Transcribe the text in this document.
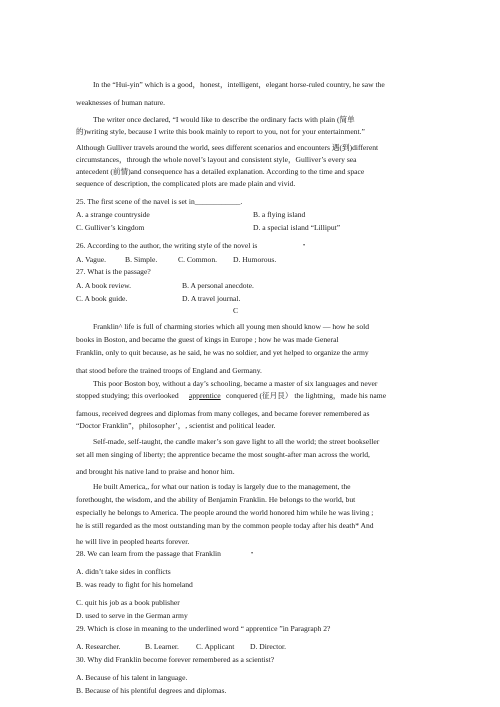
In the “Hui-yin” which is a good，honest，intelligent，elegant horse-ruled country, he saw the
weaknesses of human nature.
The writer once declared, “I would like to describe the ordinary facts with plain (简单
的)writing style, because I write this book mainly to report to you, not for your entertainment.”
Although Gulliver travels around the world, sees different scenarios and encounters 遇(到)different
circumstances，through the whole novel’s layout and consistent style，Gulliver’s every sea
antecedent (前情)and consequence has a detailed explanation. According to the time and space
sequence of description, the complicated plots are made plain and vivid.
25. The first scene of the navel is set in____________.
A. a strange countryside	B. a flying island
C. Gulliver’s kingdom	D. a special island “Lilliput”
26. According to the author, the writing style of the novel is
A. Vague. B. Simple.	C. Common. D. Humorous.
27. What is the passage?
A. A book review.	B. A personal anecdote.
C. A book guide.	D. A travel journal.
C
Franklin^ life is full of charming stories which all young men should know — how he sold
books in Boston, and became the guest of kings in Europe ; how he was made General
Franklin, only to quit because, as he said, he was no soldier, and yet helped to organize the army
that stood before the trained troops of England and Germany.
This poor Boston boy, without a day’s schooling, became a master of six languages and never
stopped studying; this overlooked apprentice conquered (征月艮） the lightning，made his name
famous, received degrees and diplomas from many colleges, and became forever remembered as
“Doctor Franklin”，philosopher’，, scientist and political leader.
Self-made, self-taught, the candle maker’s son gave light to all the world; the street bookseller
set all men singing of liberty; the apprentice became the most sought-after man across the world,
and brought his native land to praise and honor him.
He built America,, for what our nation is today is largely due to the management, the
forethought, the wisdom, and the ability of Benjamin Franklin. He belongs to the world, but
especially he belongs to America. The people around the world honored him while he was living ;
he is still regarded as the most outstanding man by the common people today after his death* And
he will live in peopled hearts forever.
28. We can learn from the passage that Franklin
A. didn’t take sides in conflicts
B. was ready to fight for his homeland
C. quit his job as a book publisher
D. used to serve in the German army
29. Which is close in meaning to the underlined word “ apprentice ”in Paragraph 2?
A. Researcher.	B. Learner. C. Applicant D. Director.
30. Why did Franklin become forever remembered as a scientist?
A. Because of his talent in language.
B. Because of his plentiful degrees and diplomas.
•
•
